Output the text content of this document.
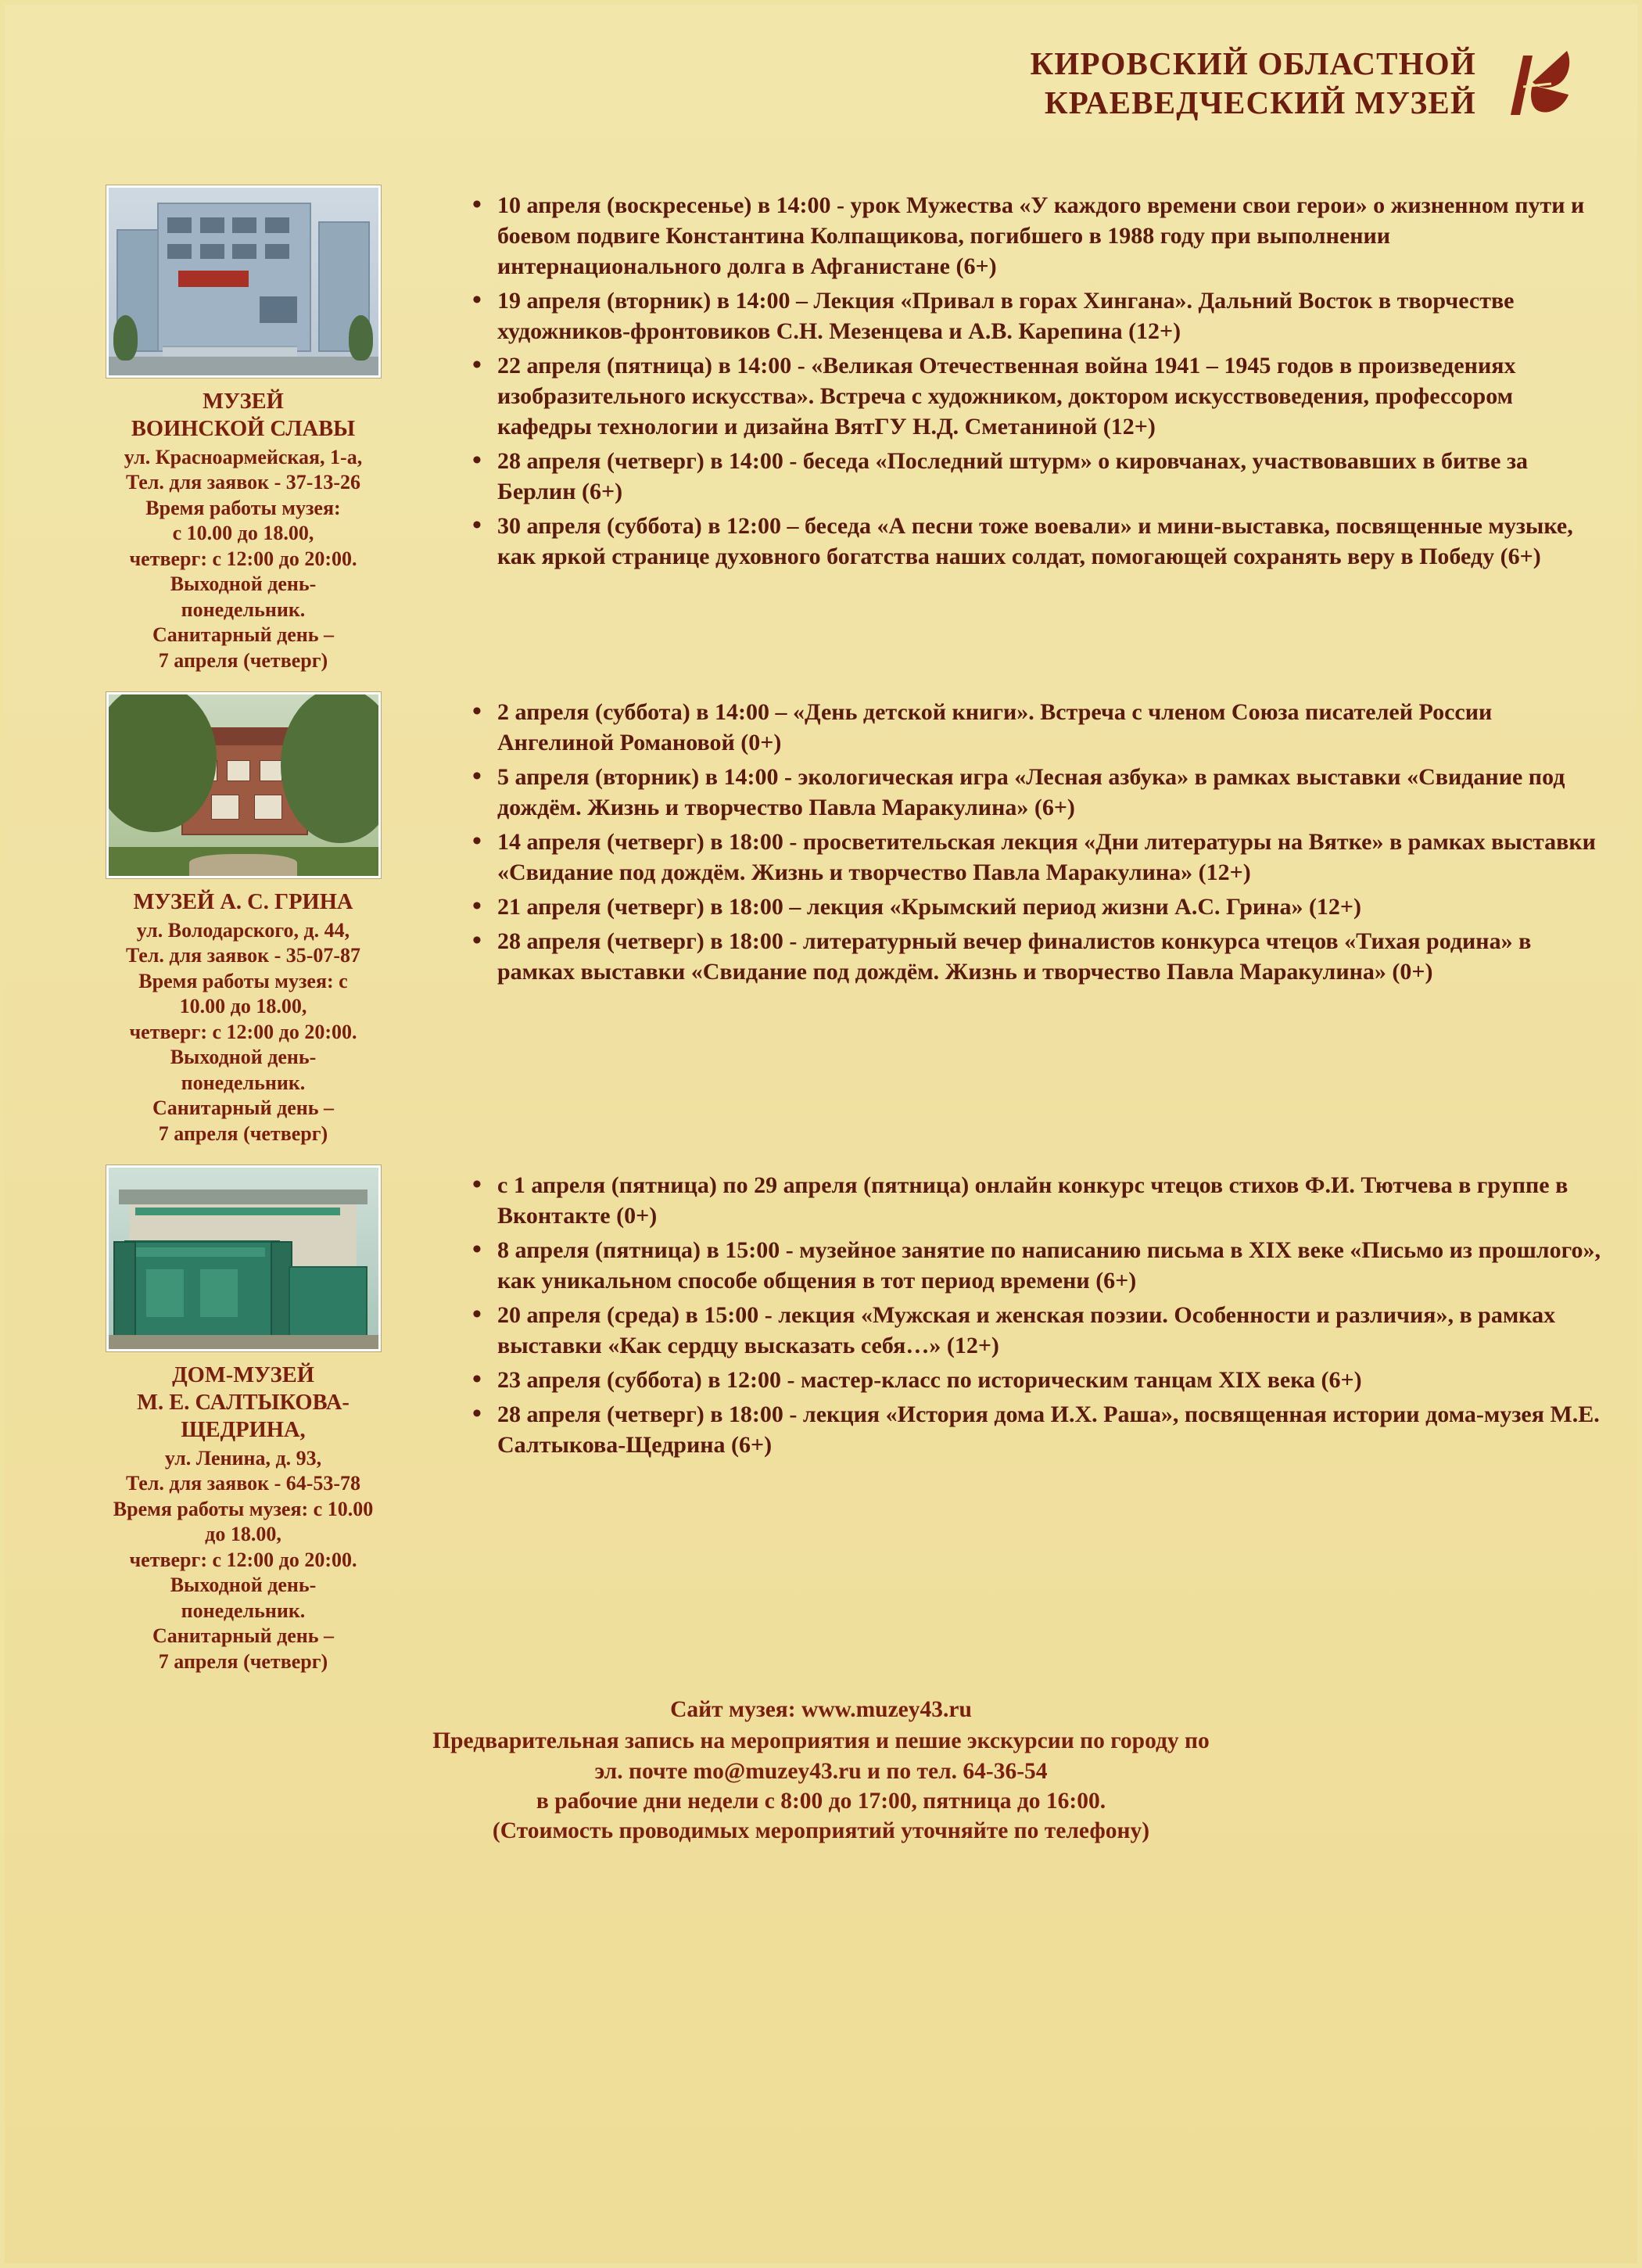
КИРОВСКИЙ ОБЛАСТНОЙ
КРАЕВЕДЧЕСКИЙ МУЗЕЙ
МУЗЕЙ
ВОИНСКОЙ СЛАВЫ
ул. Красноармейская, 1-а,
Тел. для заявок - 37-13-26
Время работы музея:
с 10.00 до 18.00,
четверг: с 12:00 до 20:00.
Выходной день-
понедельник.
Санитарный день –
7 апреля (четверг)
• 10 апреля (воскресенье) в 14:00 - урок Мужества «У каждого времени свои герои» о жизненном пути и боевом подвиге Константина Колпащикова, погибшего в 1988 году при выполнении интернационального долга в Афганистане (6+)
• 19 апреля (вторник) в 14:00 – Лекция «Привал в горах Хингана». Дальний Восток в творчестве художников-фронтовиков С.Н. Мезенцева и А.В. Карепина (12+)
• 22 апреля (пятница) в 14:00 - «Великая Отечественная война 1941 – 1945 годов в произведениях изобразительного искусства». Встреча с художником, доктором искусствоведения, профессором кафедры технологии и дизайна ВятГУ Н.Д. Сметаниной (12+)
• 28 апреля (четверг) в 14:00 - беседа «Последний штурм» о кировчанах, участвовавших в битве за Берлин (6+)
• 30 апреля (суббота) в 12:00 – беседа «А песни тоже воевали» и мини-выставка, посвященные музыке, как яркой странице духовного богатства наших солдат, помогающей сохранять веру в Победу (6+)
МУЗЕЙ А. С. ГРИНА
ул. Володарского, д. 44,
Тел. для заявок - 35-07-87
Время работы музея: с
10.00 до 18.00,
четверг: с 12:00 до 20:00.
Выходной день-
понедельник.
Санитарный день –
7 апреля (четверг)
• 2 апреля (суббота) в 14:00 – «День детской книги». Встреча с членом Союза писателей России Ангелиной Романовой (0+)
• 5 апреля (вторник) в 14:00 - экологическая игра «Лесная азбука» в рамках выставки «Свидание под дождём. Жизнь и творчество Павла Маракулина» (6+)
• 14 апреля (четверг) в 18:00 - просветительская лекция «Дни литературы на Вятке» в рамках выставки «Свидание под дождём. Жизнь и творчество Павла Маракулина» (12+)
• 21 апреля (четверг) в 18:00 – лекция «Крымский период жизни А.С. Грина» (12+)
• 28 апреля (четверг) в 18:00 - литературный вечер финалистов конкурса чтецов «Тихая родина» в рамках выставки «Свидание под дождём. Жизнь и творчество Павла Маракулина» (0+)
ДОМ-МУЗЕЙ
М. Е. САЛТЫКОВА-
ЩЕДРИНА,
ул. Ленина, д. 93,
Тел. для заявок - 64-53-78
Время работы музея: с 10.00
до 18.00,
четверг: с 12:00 до 20:00.
Выходной день-
понедельник.
Санитарный день –
7 апреля (четверг)
• с 1 апреля (пятница) по 29 апреля (пятница) онлайн конкурс чтецов стихов Ф.И. Тютчева в группе в Вконтакте (0+)
• 8 апреля (пятница) в 15:00 - музейное занятие по написанию письма в XIX веке «Письмо из прошлого», как уникальном способе общения в тот период времени (6+)
• 20 апреля (среда) в 15:00 - лекция «Мужская и женская поэзии. Особенности и различия», в рамках выставки «Как сердцу высказать себя…» (12+)
• 23 апреля (суббота) в 12:00 - мастер-класс по историческим танцам XIX века (6+)
• 28 апреля (четверг) в 18:00 - лекция «История дома И.Х. Раша», посвященная истории дома-музея М.Е. Салтыкова-Щедрина (6+)
Сайт музея: www.muzey43.ru
Предварительная запись на мероприятия и пешие экскурсии по городу по
эл. почте mo@muzey43.ru и по тел. 64-36-54
в рабочие дни недели с 8:00 до 17:00, пятница до 16:00.
(Стоимость проводимых мероприятий уточняйте по телефону)
